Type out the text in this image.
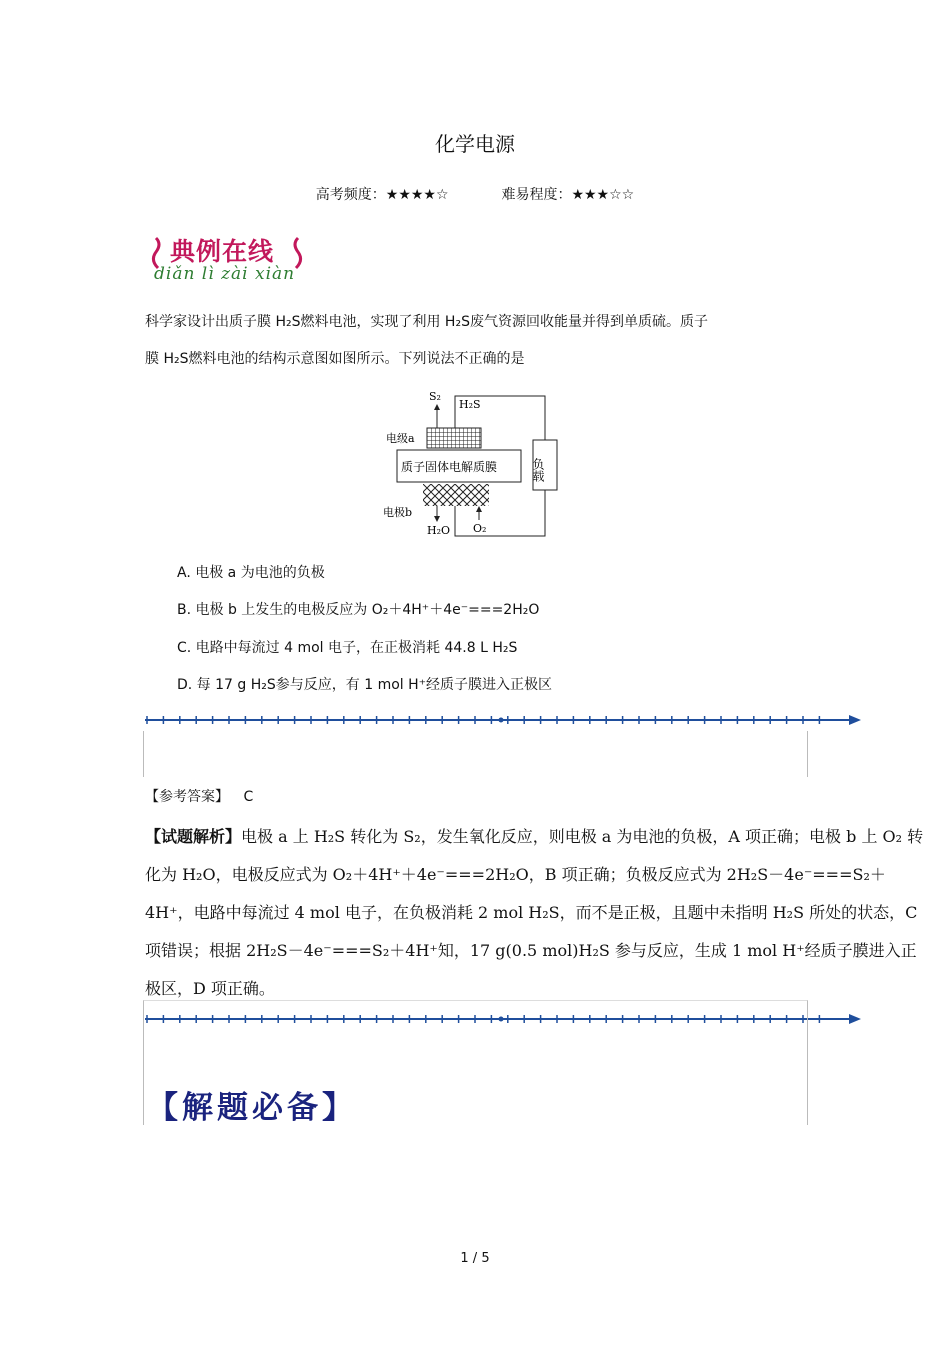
化学电源
高考频度：★★★★☆	难易程度：★★★☆☆
典例在线
diǎn lì zài xiàn
科学家设计出质子膜 H₂S燃料电池，实现了利用 H₂S废气资源回收能量并得到单质硫。质子
膜 H₂S燃料电池的结构示意图如图所示。下列说法不正确的是
S₂
H₂S
电级a
质子固体电解质膜	负载
电极b
H₂O O₂
A. 电极 a 为电池的负极
B. 电极 b 上发生的电极反应为 O₂＋4H⁺＋4e⁻===2H₂O
C. 电路中每流过 4 mol 电子，在正极消耗 44.8 L H₂S
D. 每 17 g H₂S参与反应，有 1 mol H⁺经质子膜进入正极区
【参考答案】 C
【试题解析】电极 a 上 H₂S 转化为 S₂，发生氧化反应，则电极 a 为电池的负极，A 项正确；电极 b 上 O₂ 转化为 H₂O，电极反应式为 O₂＋4H⁺＋4e⁻===2H₂O，B 项正确；负极反应式为 2H₂S－4e⁻===S₂＋4H⁺，电路中每流过 4 mol 电子，在负极消耗 2 mol H₂S，而不是正极，且题中未指明 H₂S 所处的状态，C 项错误；根据 2H₂S－4e⁻===S₂＋4H⁺知，17 g(0.5 mol)H₂S 参与反应，生成 1 mol H⁺经质子膜进入正极区，D 项正确。
【解题必备】
1 / 5
